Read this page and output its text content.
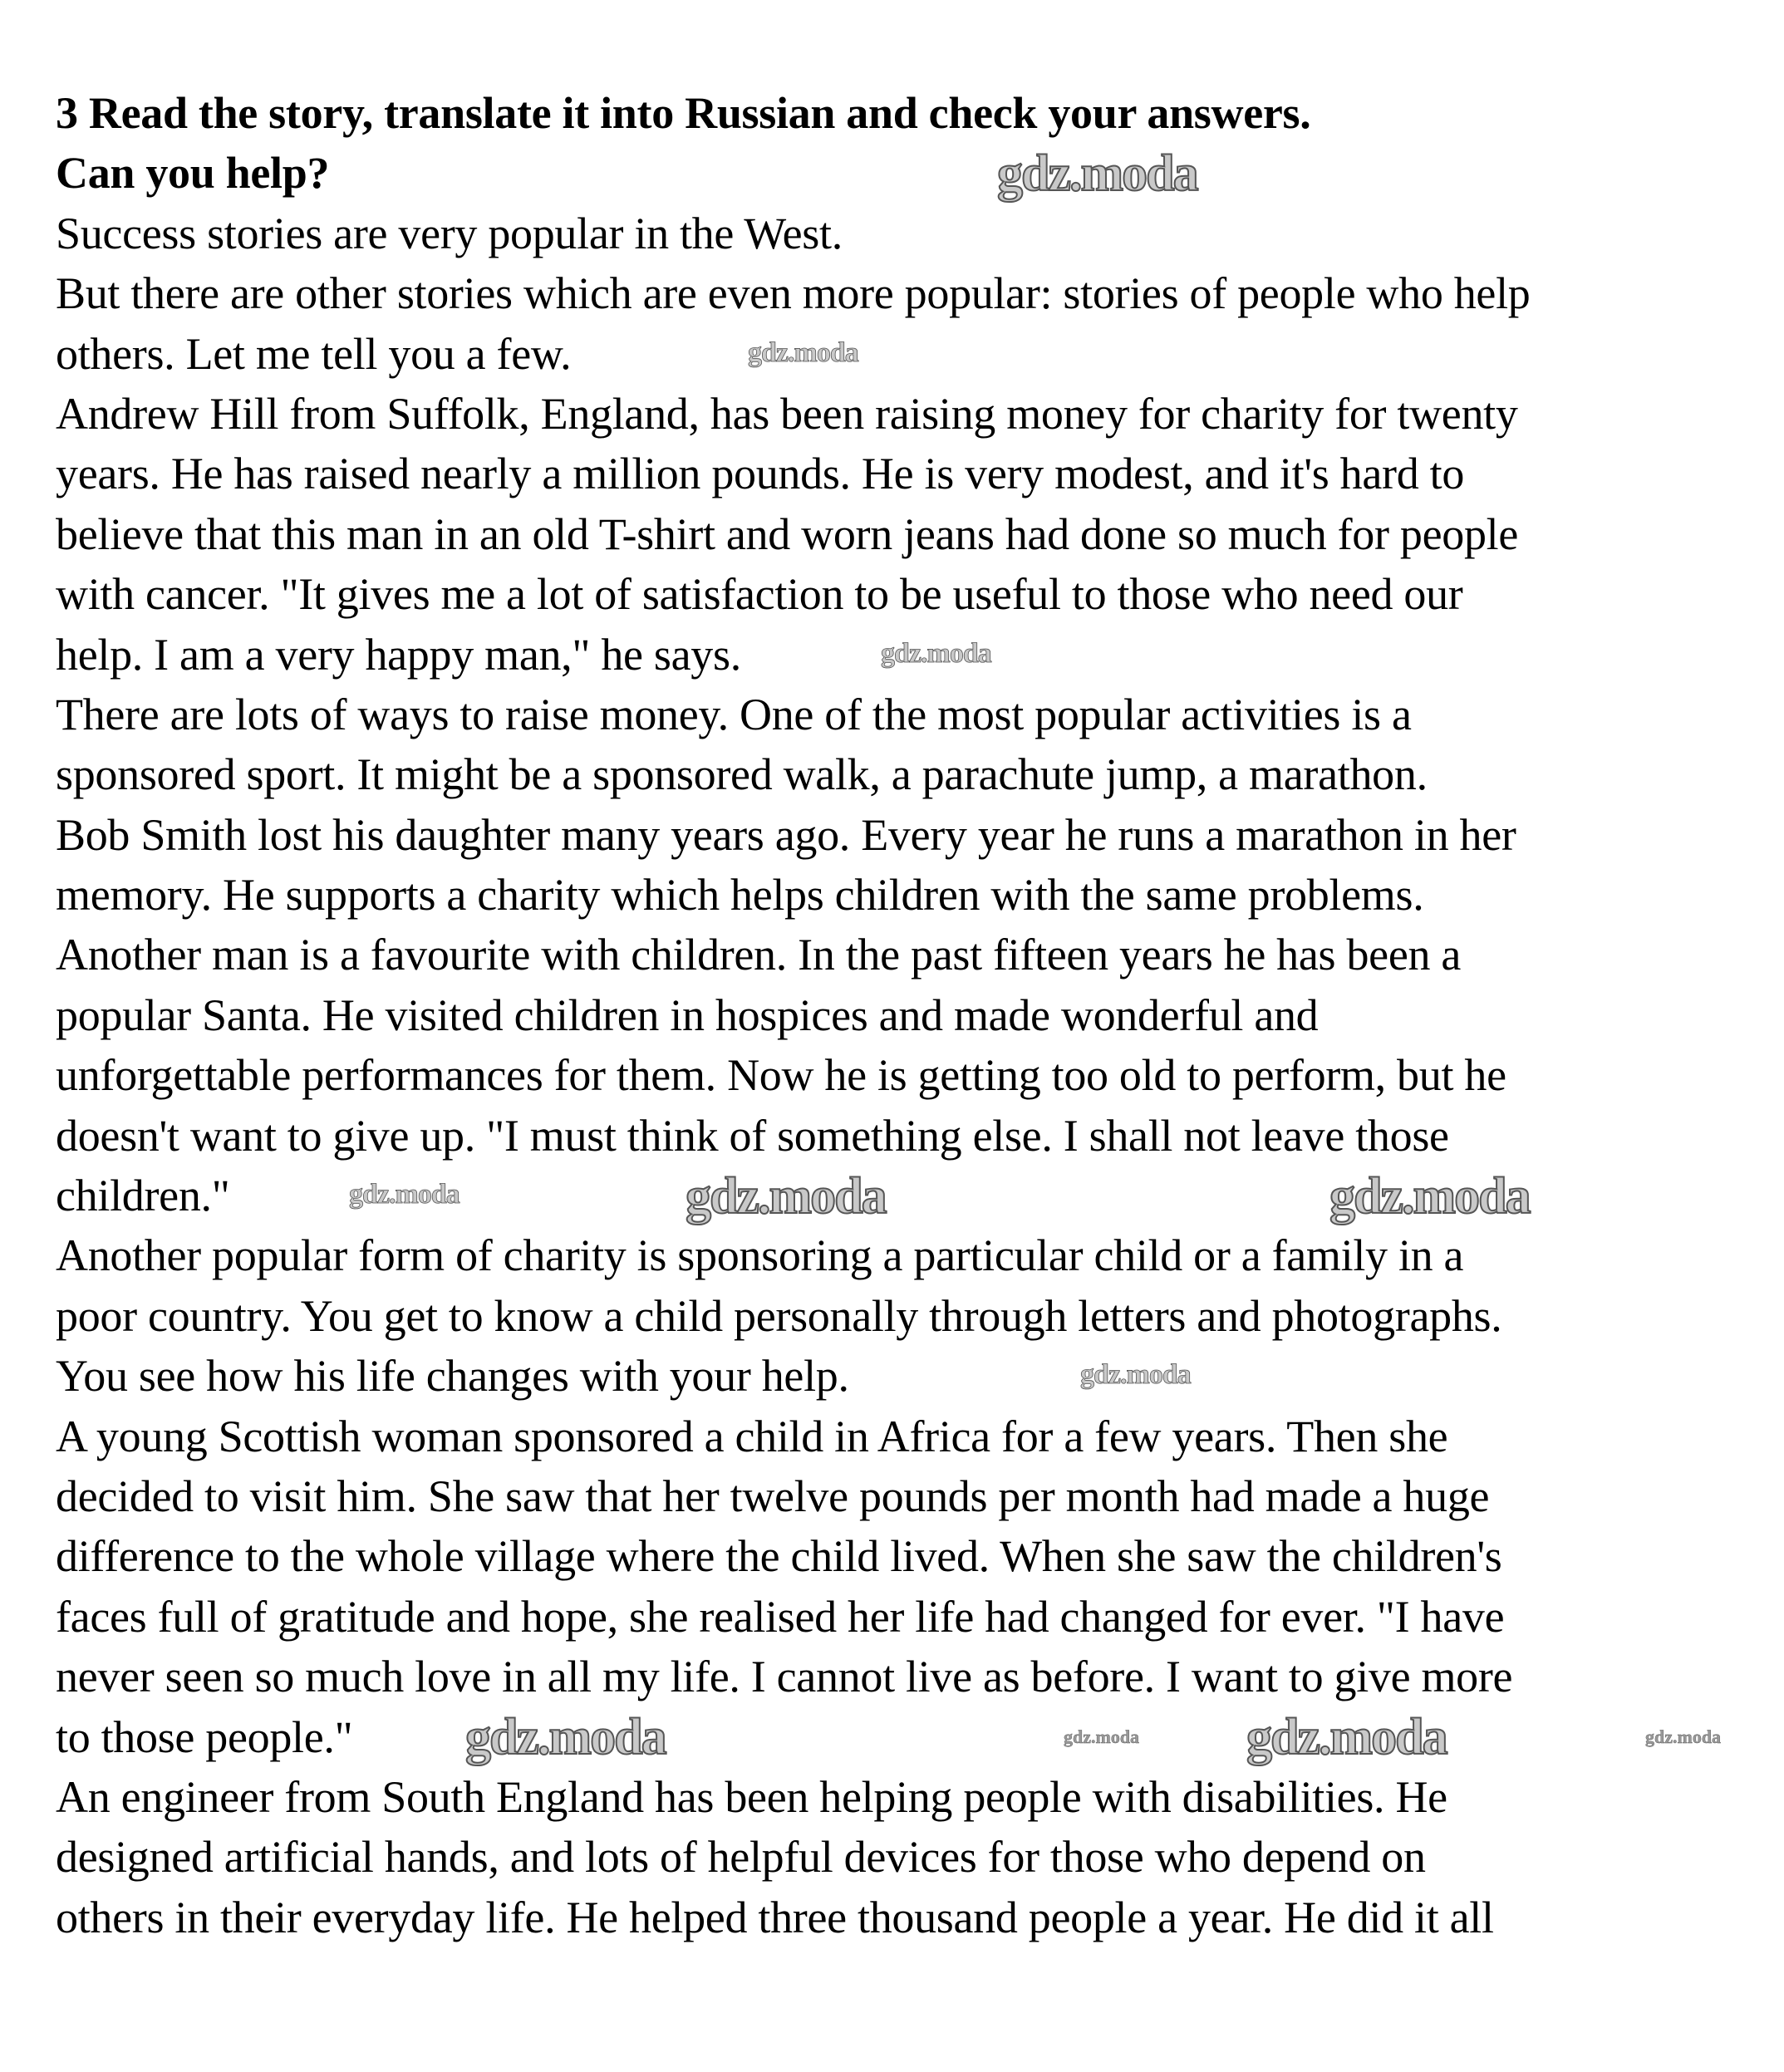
3 Read the story, translate it into Russian and check your answers.
Can you help?
Success stories are very popular in the West.
But there are other stories which are even more popular: stories of people who help
others. Let me tell you a few.
Andrew Hill from Suffolk, England, has been raising money for charity for twenty
years. He has raised nearly a million pounds. He is very modest, and it's hard to
believe that this man in an old T-shirt and worn jeans had done so much for people
with cancer. "It gives me a lot of satisfaction to be useful to those who need our
help. I am a very happy man," he says.
There are lots of ways to raise money. One of the most popular activities is a
sponsored sport. It might be a sponsored walk, a parachute jump, a marathon.
Bob Smith lost his daughter many years ago. Every year he runs a marathon in her
memory. He supports a charity which helps children with the same problems.
Another man is a favourite with children. In the past fifteen years he has been a
popular Santa. He visited children in hospices and made wonderful and
unforgettable performances for them. Now he is getting too old to perform, but he
doesn't want to give up. "I must think of something else. I shall not leave those
children."
Another popular form of charity is sponsoring a particular child or a family in a
poor country. You get to know a child personally through letters and photographs.
You see how his life changes with your help.
A young Scottish woman sponsored a child in Africa for a few years. Then she
decided to visit him. She saw that her twelve pounds per month had made a huge
difference to the whole village where the child lived. When she saw the children's
faces full of gratitude and hope, she realised her life had changed for ever. "I have
never seen so much love in all my life. I cannot live as before. I want to give more
to those people."
An engineer from South England has been helping people with disabilities. He
designed artificial hands, and lots of helpful devices for those who depend on
others in their everyday life. He helped three thousand people a year. He did it all
gdz.moda
gdz.moda
gdz.moda
gdz.moda
gdz.moda	gdz.moda	gdz.moda
gdz.moda	gdz.moda
gdz.moda	gdz.moda
